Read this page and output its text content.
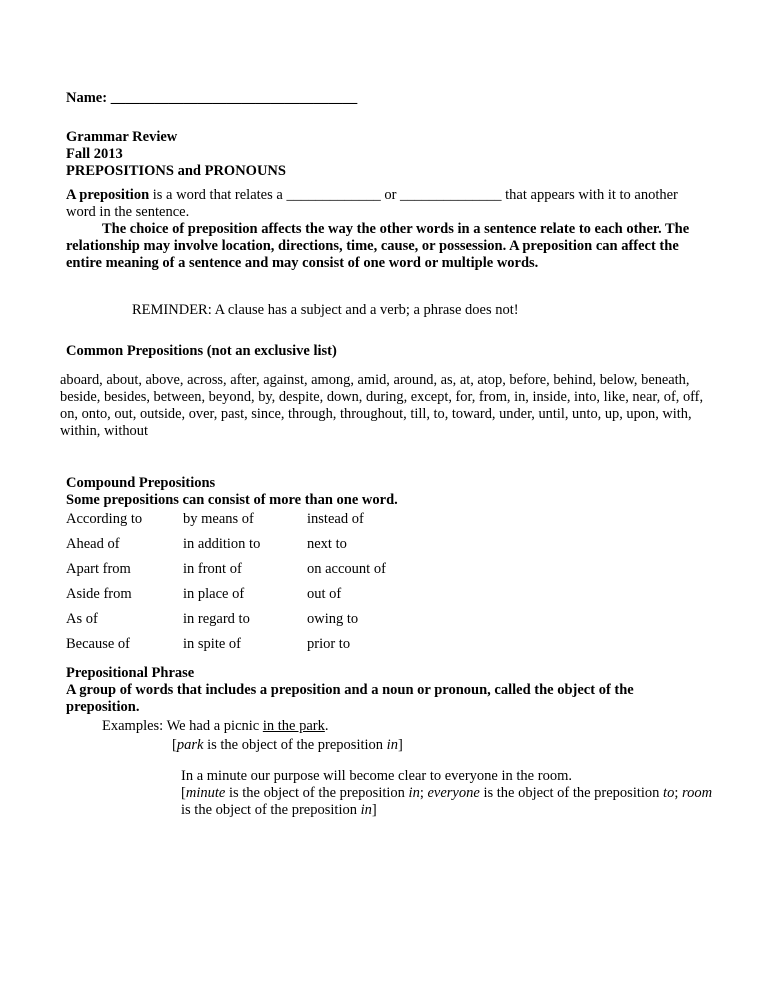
Name: __________________________________
Grammar Review
Fall 2013
PREPOSITIONS and PRONOUNS

A preposition is a word that relates a _____________ or ______________ that appears with it to another word in the sentence.

The choice of preposition affects the way the other words in a sentence relate to each other. The relationship may involve location, directions, time, cause, or possession. A preposition can affect the entire meaning of a sentence and may consist of one word or multiple words.

REMINDER: A clause has a subject and a verb; a phrase does not!
Common Prepositions (not an exclusive list)
aboard, about, above, across, after, against, among, amid, around, as, at, atop, before, behind, below, beneath, beside, besides, between, beyond, by, despite, down, during, except, for, from, in, inside, into, like, near, of, off, on, onto, out, outside, over, past, since, through, throughout, till, to, toward, under, until, unto, up, upon, with, within, without
Compound Prepositions
Some prepositions can consist of more than one word.
According to	by means of	instead of
Ahead of	in addition to	next to
Apart from	in front of	on account of
Aside from	in place of	out of
As of	in regard to	owing to
Because of	in spite of	prior to
Prepositional Phrase
A group of words that includes a preposition and a noun or pronoun, called the object of the preposition.
Examples: We had a picnic in the park.
[park is the object of the preposition in]
In a minute our purpose will become clear to everyone in the room.
[minute is the object of the preposition in; everyone is the object of the preposition to; room is the object of the preposition in]
